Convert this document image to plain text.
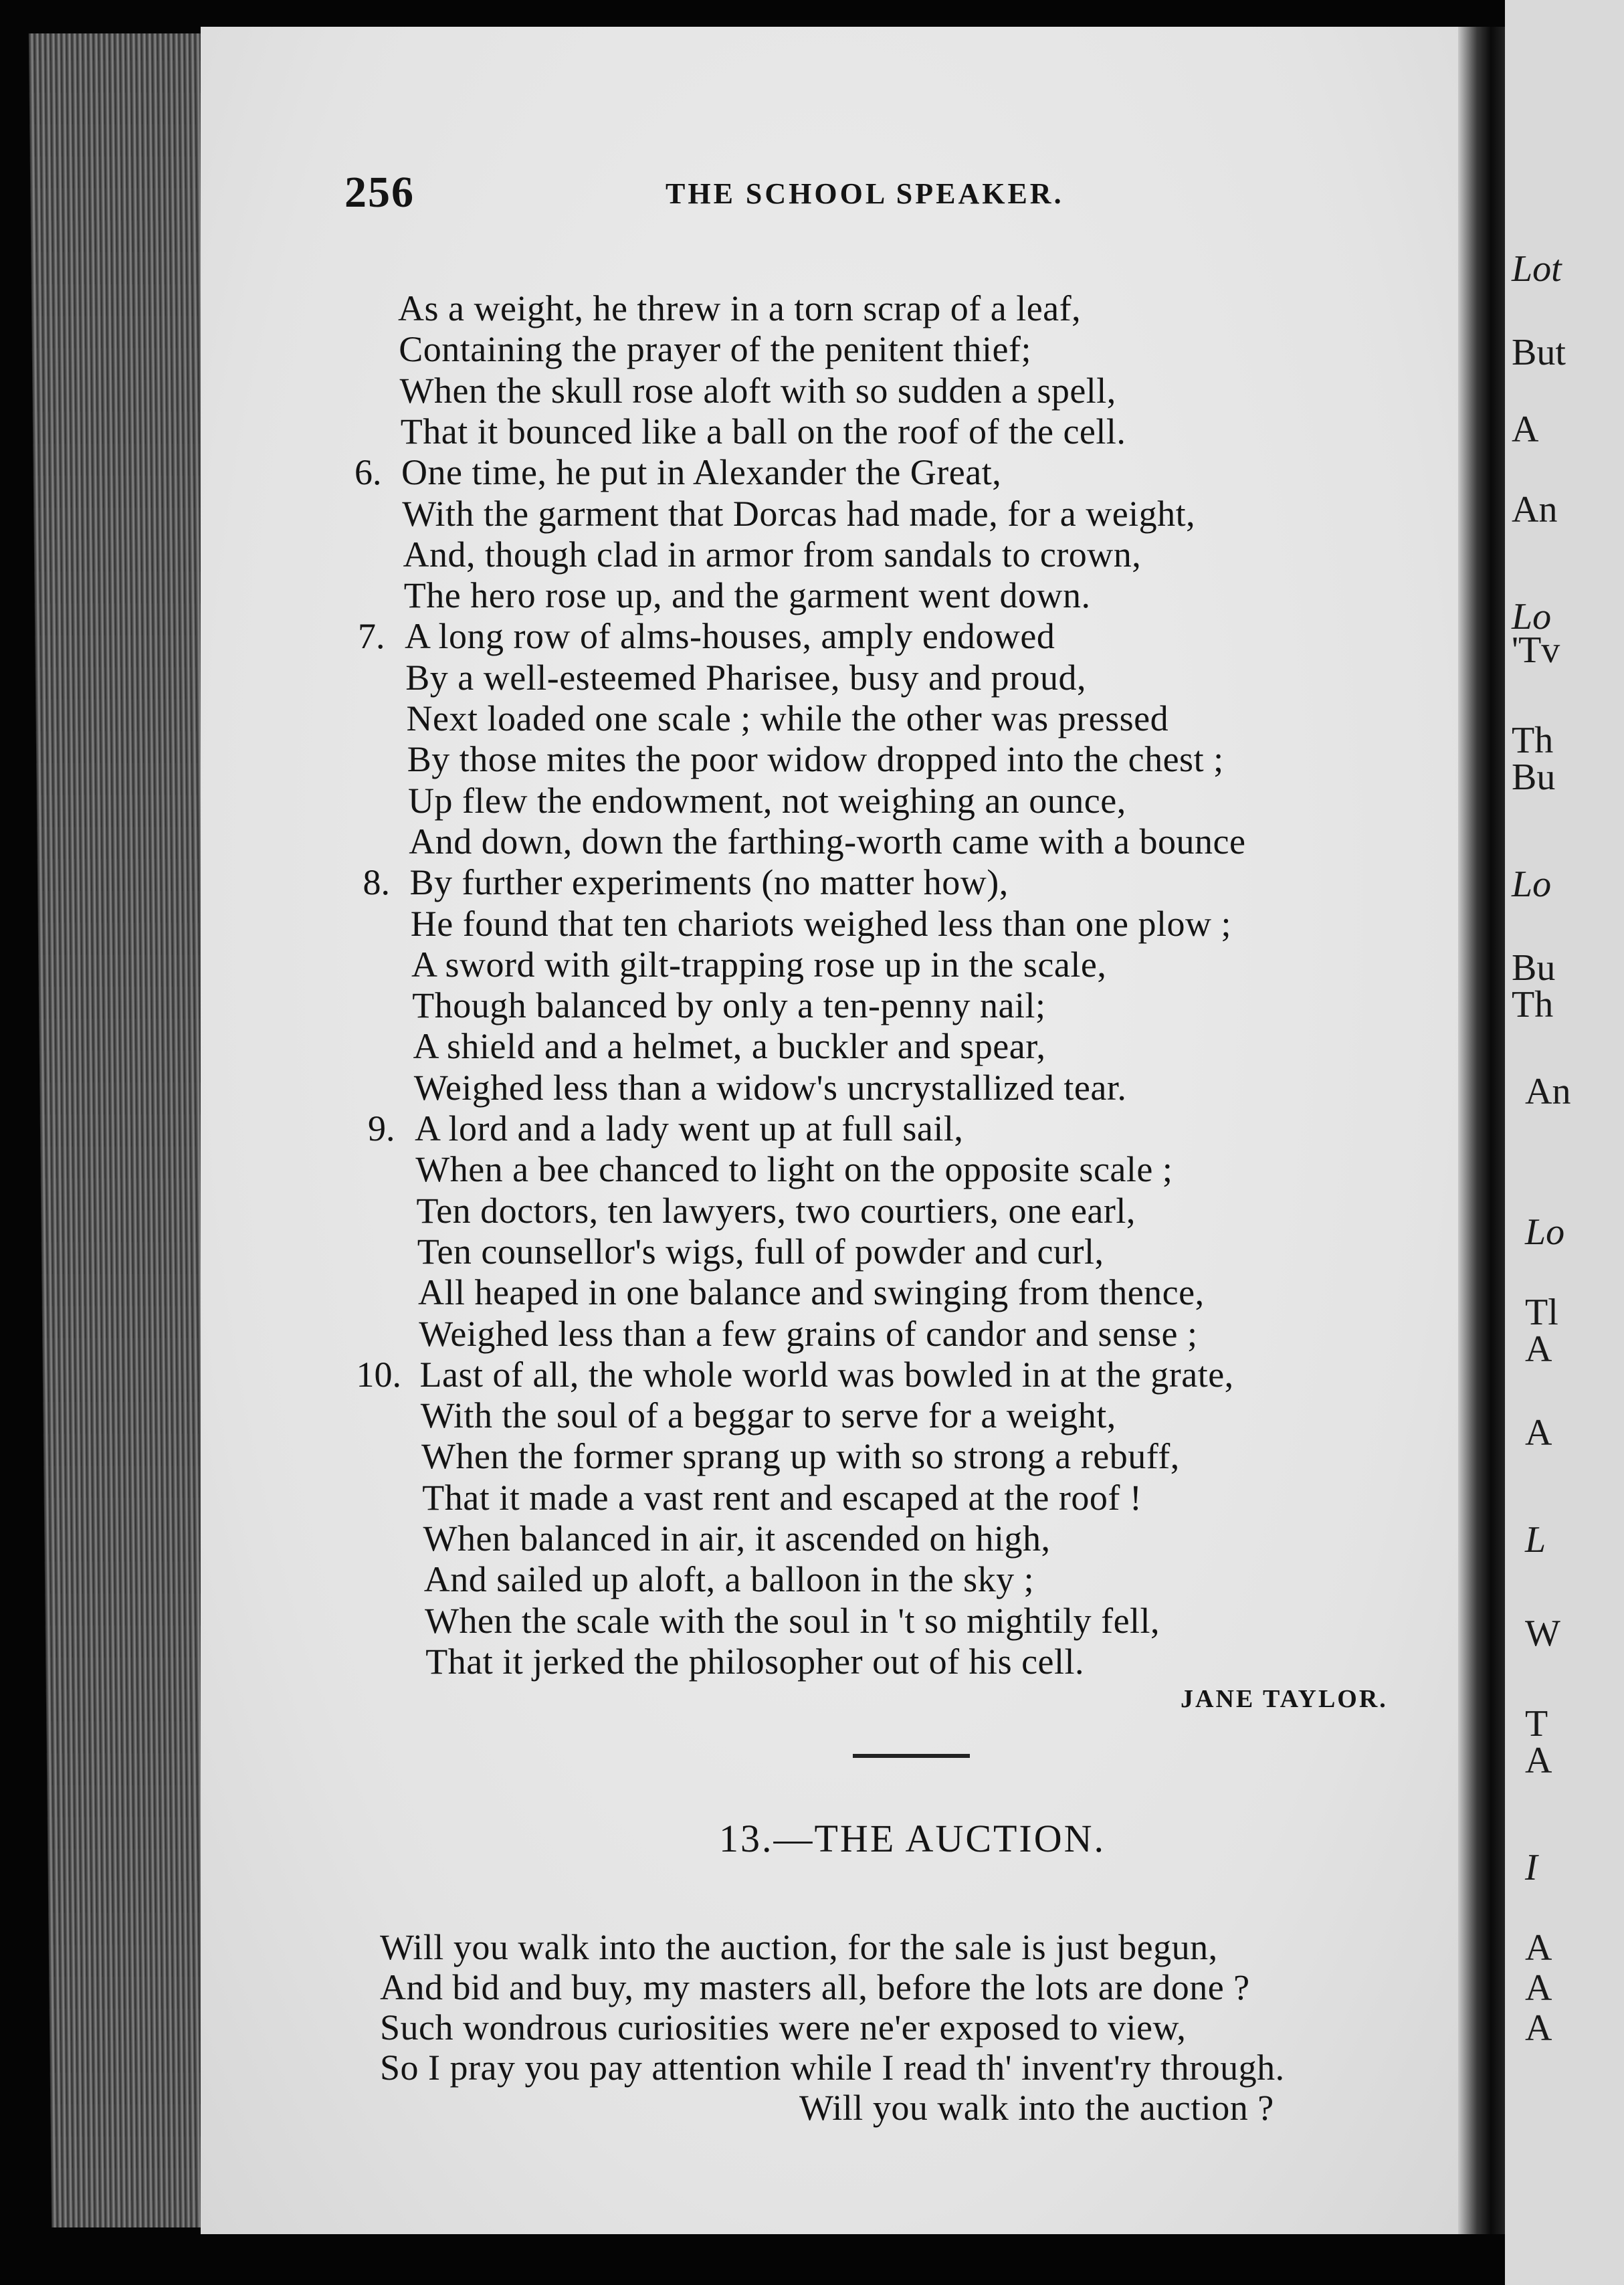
256	THE SCHOOL SPEAKER.
As a weight, he threw in a torn scrap of a leaf,
Containing the prayer of the penitent thief;
When the skull rose aloft with so sudden a spell,
That it bounced like a ball on the roof of the cell.
6. One time, he put in Alexander the Great,
With the garment that Dorcas had made, for a weight,
And, though clad in armor from sandals to crown,
The hero rose up, and the garment went down.
7. A long row of alms-houses, amply endowed
By a well-esteemed Pharisee, busy and proud,
Next loaded one scale ; while the other was pressed
By those mites the poor widow dropped into the chest ;
Up flew the endowment, not weighing an ounce,
And down, down the farthing-worth came with a bounce
8. By further experiments (no matter how),
He found that ten chariots weighed less than one plow ;
A sword with gilt-trapping rose up in the scale,
Though balanced by only a ten-penny nail;
A shield and a helmet, a buckler and spear,
Weighed less than a widow's uncrystallized tear.
9. A lord and a lady went up at full sail,
When a bee chanced to light on the opposite scale ;
Ten doctors, ten lawyers, two courtiers, one earl,
Ten counsellor's wigs, full of powder and curl,
All heaped in one balance and swinging from thence,
Weighed less than a few grains of candor and sense ;
10. Last of all, the whole world was bowled in at the grate,
With the soul of a beggar to serve for a weight,
When the former sprang up with so strong a rebuff,
That it made a vast rent and escaped at the roof !
When balanced in air, it ascended on high,
And sailed up aloft, a balloon in the sky ;
When the scale with the soul in 't so mightily fell,
That it jerked the philosopher out of his cell.
JANE TAYLOR.
13.—THE AUCTION.
Will you walk into the auction, for the sale is just begun,
And bid and buy, my masters all, before the lots are done ?
Such wondrous curiosities were ne'er exposed to view,
So I pray you pay attention while I read th' invent'ry through.
Will you walk into the auction ?
Lot
But
A
An
Lo
'Tv
Th
Bu
Lo
Bu
Th
An
Lo
Tl
A
A
L
W
T
A
I
A
A
A
